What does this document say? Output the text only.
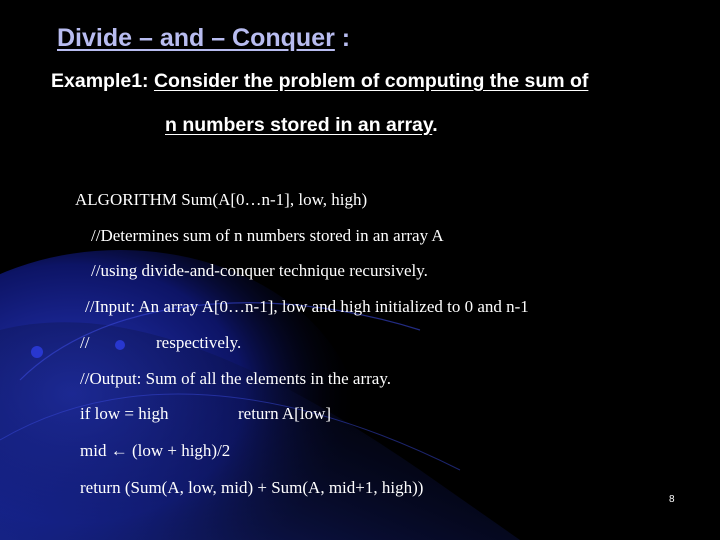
Divide – and – Conquer :
Example1: Consider the problem of computing the sum of
n numbers stored in an array.
ALGORITHM Sum(A[0…n-1], low, high)
//Determines sum of n numbers stored in an array A
//using divide-and-conquer technique recursively.
//Input: An array A[0…n-1], low and high initialized to 0 and n-1
//	respectively.
//Output: Sum of all the elements in the array.
if low = high	return A[low]
mid ← (low + high)/2
return (Sum(A, low, mid) + Sum(A, mid+1, high))
8
